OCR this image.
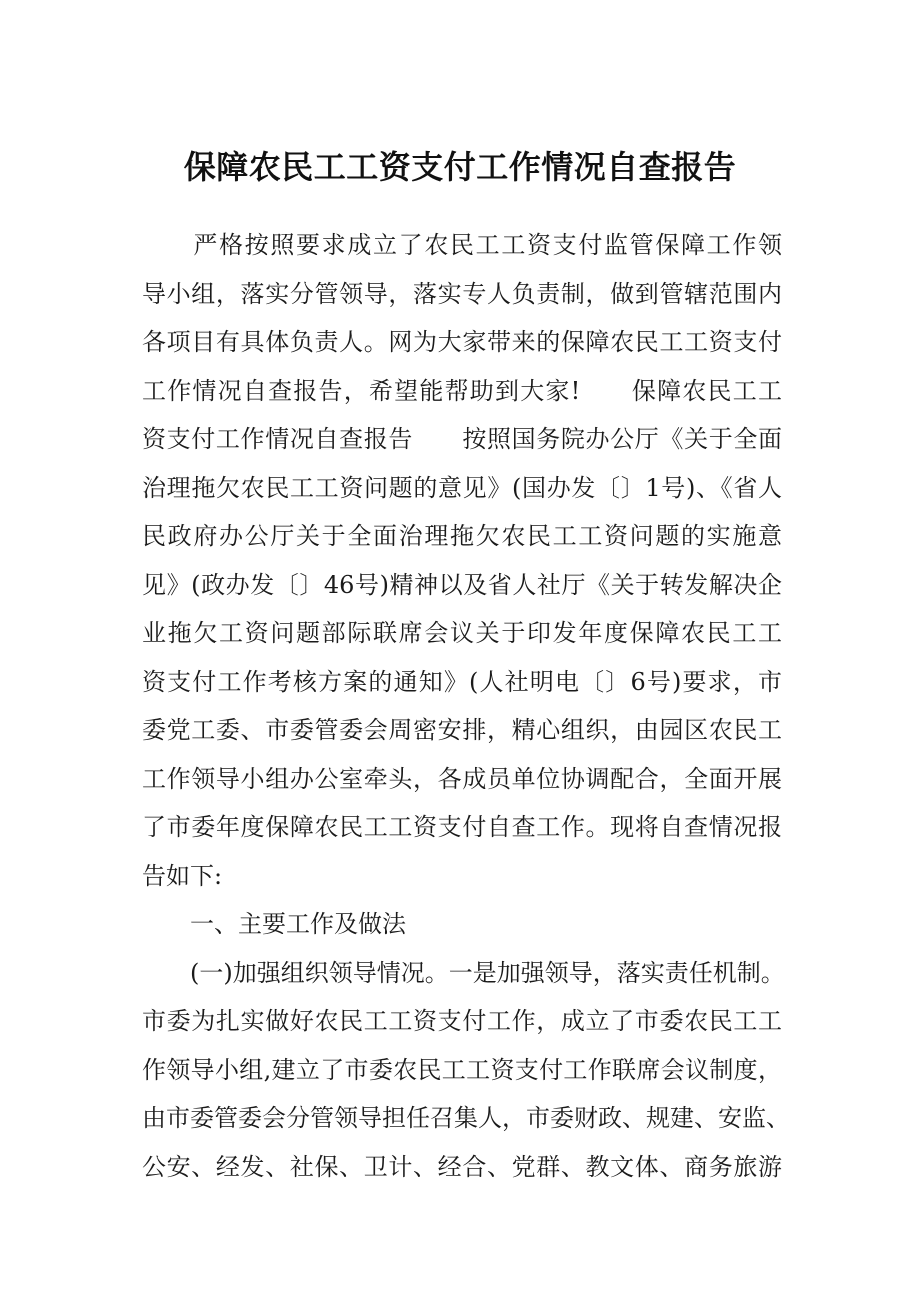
保障农民工工资支付工作情况自查报告
　　严格按照要求成立了农民工工资支付监管保障工作领
导小组，落实分管领导，落实专人负责制，做到管辖范围内
各项目有具体负责人。网为大家带来的保障农民工工资支付
工作情况自查报告，希望能帮助到大家!　　保障农民工工
资支付工作情况自查报告　　按照国务院办公厅《关于全面
治理拖欠农民工工资问题的意见》(国办发〔〕1号)、《省人
民政府办公厅关于全面治理拖欠农民工工资问题的实施意
见》(政办发〔〕46号)精神以及省人社厅《关于转发解决企
业拖欠工资问题部际联席会议关于印发年度保障农民工工
资支付工作考核方案的通知》(人社明电〔〕6号)要求，市
委党工委、市委管委会周密安排，精心组织，由园区农民工
工作领导小组办公室牵头，各成员单位协调配合，全面开展
了市委年度保障农民工工资支付自查工作。现将自查情况报
告如下:
　　一、主要工作及做法
　　(一)加强组织领导情况。一是加强领导，落实责任机制。
市委为扎实做好农民工工资支付工作，成立了市委农民工工
作领导小组,建立了市委农民工工资支付工作联席会议制度，
由市委管委会分管领导担任召集人，市委财政、规建、安监、
公安、经发、社保、卫计、经合、党群、教文体、商务旅游
